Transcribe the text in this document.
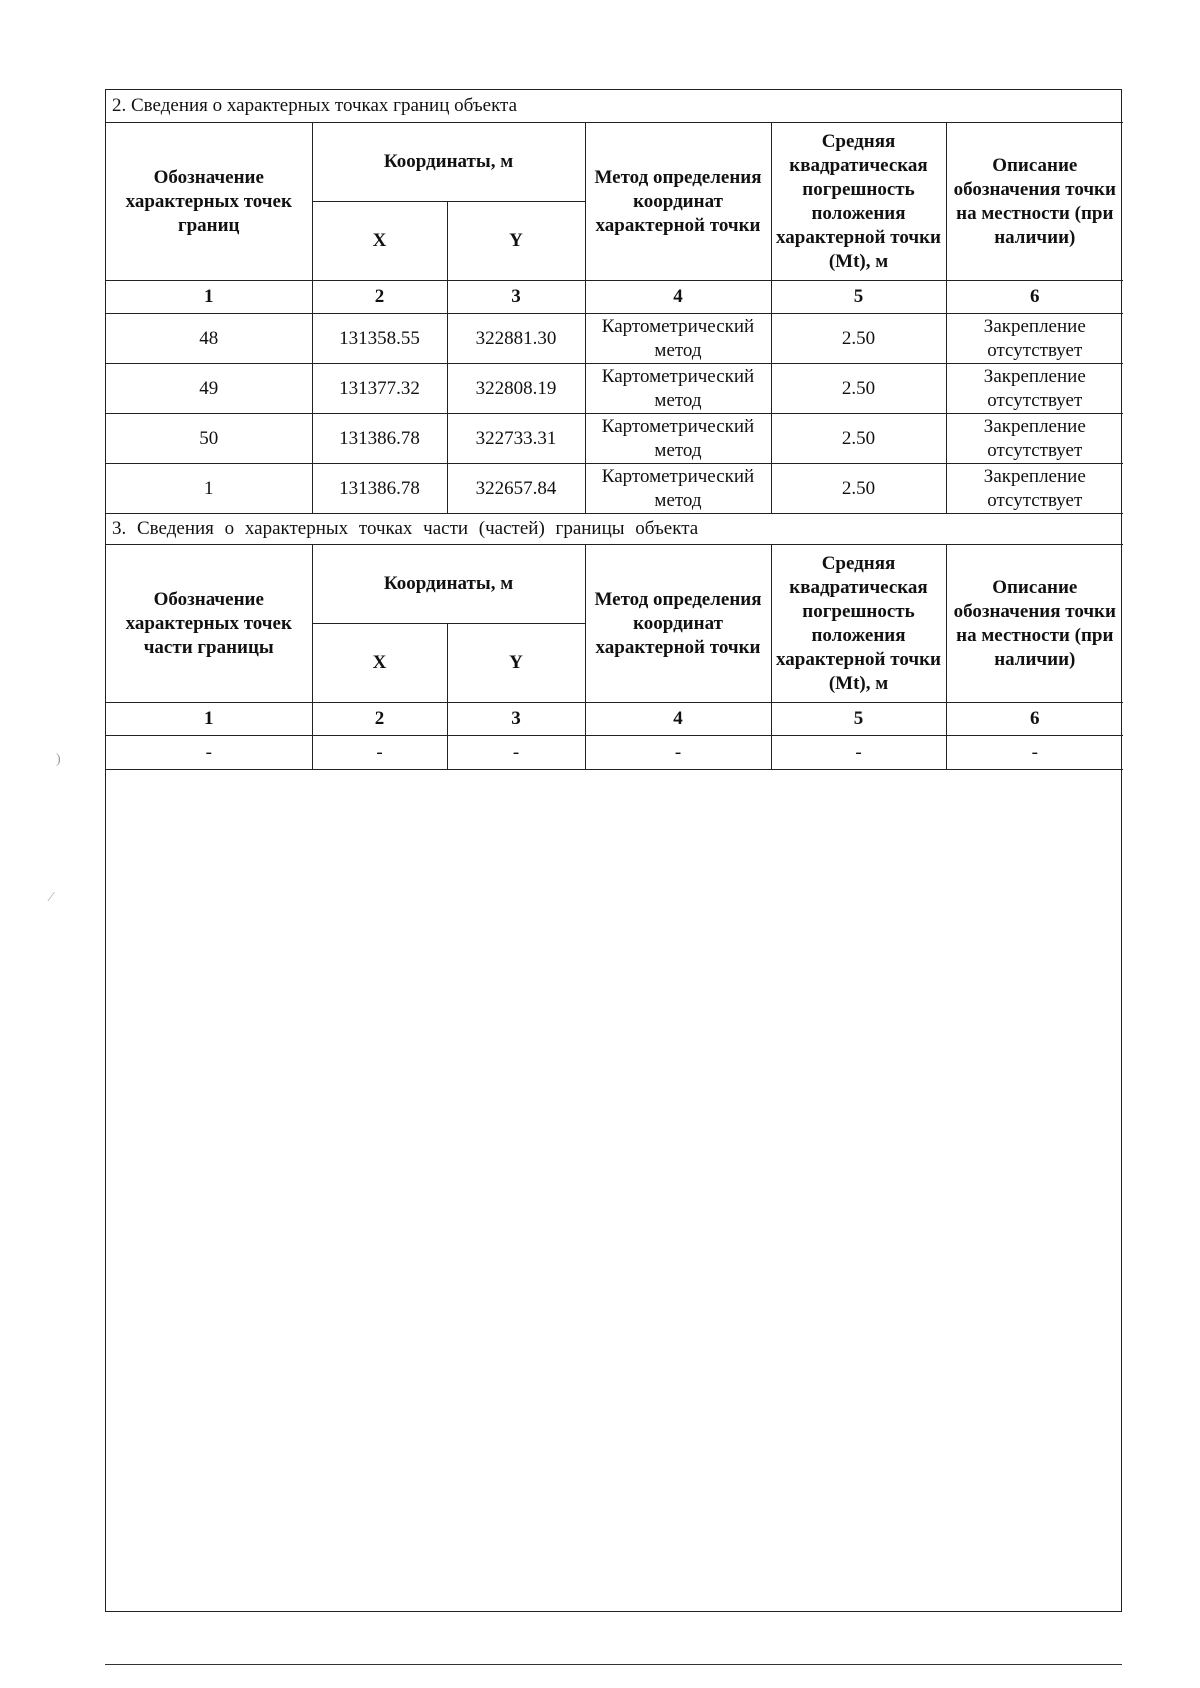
2. Сведения о характерных точках границ объекта					
Обозначение характерных точек границ	Координаты, м		Метод определения координат характерной точки	Средняя квадратическая погрешность положения характерной точки (Mt), м	Описание обозначения точки на местности (при наличии)
	X	Y			
1	2	3	4	5	6
48	131358.55	322881.30	Картометрический метод	2.50	Закрепление отсутствует
49	131377.32	322808.19	Картометрический метод	2.50	Закрепление отсутствует
50	131386.78	322733.31	Картометрический метод	2.50	Закрепление отсутствует
1	131386.78	322657.84	Картометрический метод	2.50	Закрепление отсутствует
3. Сведения о характерных точках части (частей) границы объекта					
Обозначение характерных точек части границы	Координаты, м		Метод определения координат характерной точки	Средняя квадратическая погрешность положения характерной точки (Mt), м	Описание обозначения точки на местности (при наличии)
	X	Y			
1	2	3	4	5	6
-	-	-	-	-	-
)
⁄
